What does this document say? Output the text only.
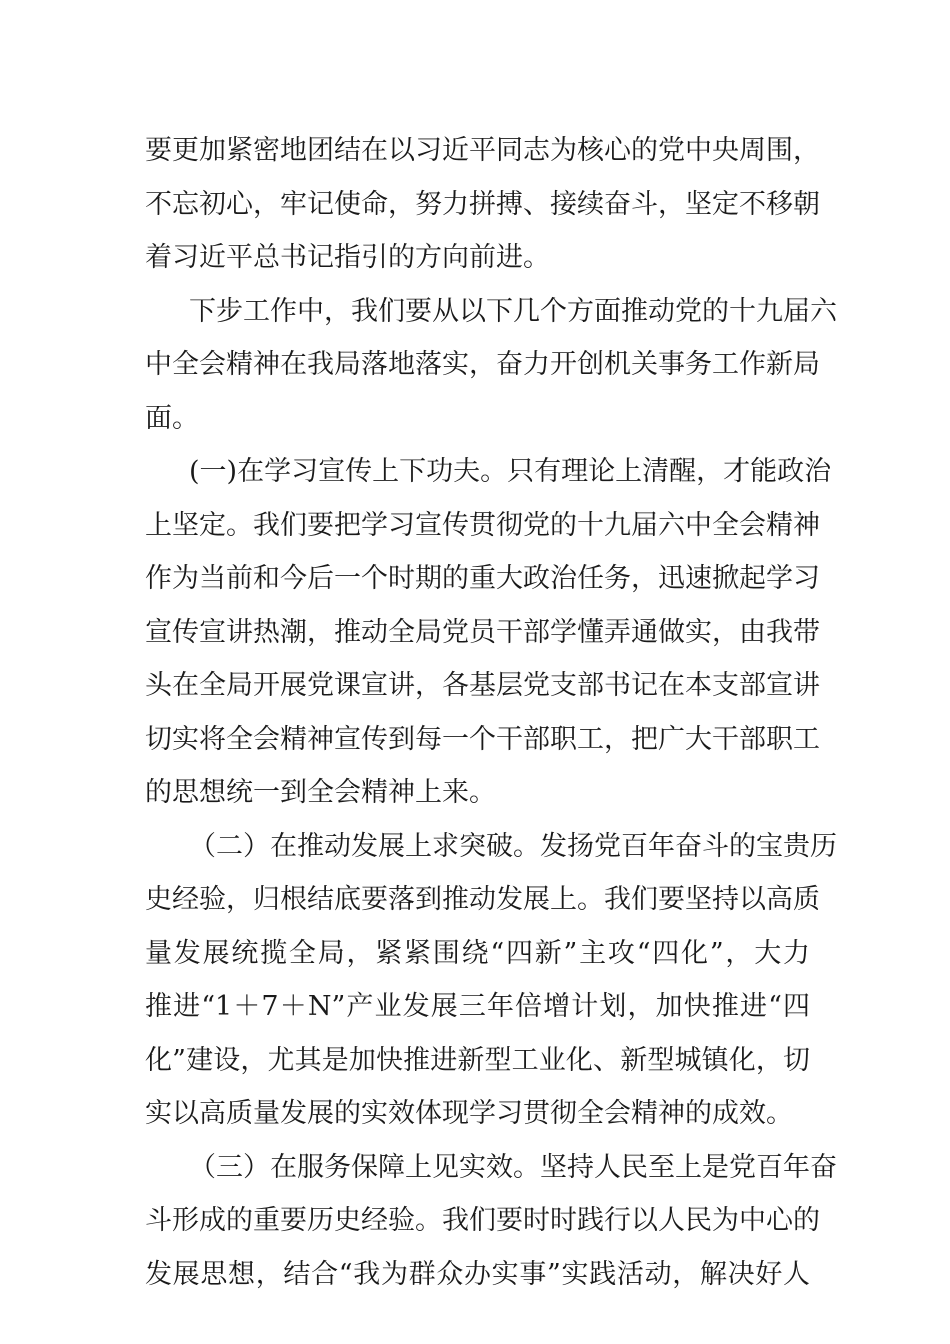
要更加紧密地团结在以习近平同志为核心的党中央周围，
不忘初心，牢记使命，努力拼搏、接续奋斗，坚定不移朝
着习近平总书记指引的方向前进。
下步工作中，我们要从以下几个方面推动党的十九届六
中全会精神在我局落地落实，奋力开创机关事务工作新局
面。
(一)在学习宣传上下功夫。只有理论上清醒，才能政治
上坚定。我们要把学习宣传贯彻党的十九届六中全会精神
作为当前和今后一个时期的重大政治任务，迅速掀起学习
宣传宣讲热潮，推动全局党员干部学懂弄通做实，由我带
头在全局开展党课宣讲，各基层党支部书记在本支部宣讲
切实将全会精神宣传到每一个干部职工，把广大干部职工
的思想统一到全会精神上来。
（二）在推动发展上求突破。发扬党百年奋斗的宝贵历
史经验，归根结底要落到推动发展上。我们要坚持以高质
量发展统揽全局，紧紧围绕“四新”主攻“四化”，大力
推进“1＋7＋N”产业发展三年倍增计划，加快推进“四
化”建设，尤其是加快推进新型工业化、新型城镇化，切
实以高质量发展的实效体现学习贯彻全会精神的成效。
（三）在服务保障上见实效。坚持人民至上是党百年奋
斗形成的重要历史经验。我们要时时践行以人民为中心的
发展思想，结合“我为群众办实事”实践活动，解决好人
